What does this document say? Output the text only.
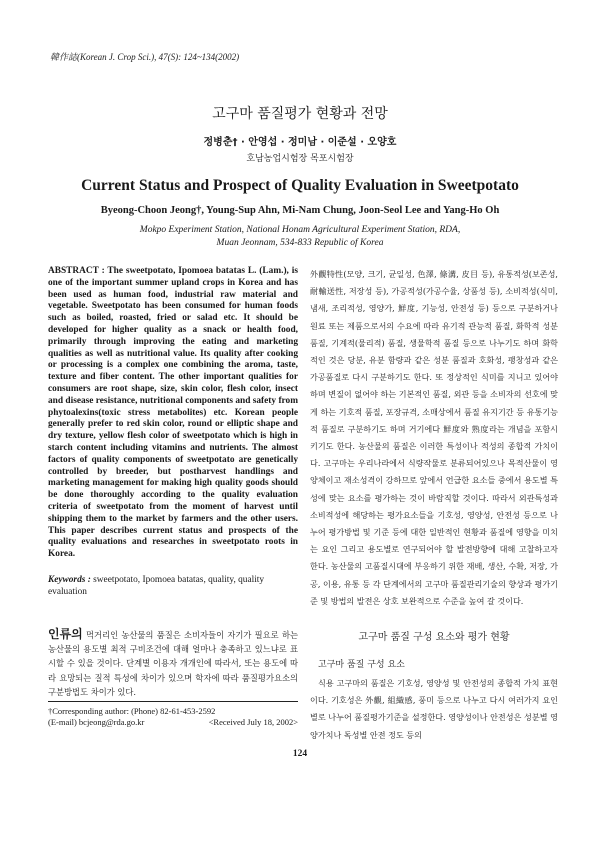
韓作誌(Korean J. Crop Sci.), 47(S): 124~134(2002)
고구마 품질평가 현황과 전망
정병춘† · 안영섭 · 정미남 · 이준설 · 오양호
호남농업시험장 목포시험장
Current Status and Prospect of Quality Evaluation in Sweetpotato
Byeong-Choon Jeong†, Young-Sup Ahn, Mi-Nam Chung, Joon-Seol Lee and Yang-Ho Oh
Mokpo Experiment Station, National Honam Agricultural Experiment Station, RDA,
Muan Jeonnam, 534-833 Republic of Korea

ABSTRACT : The sweetpotato, Ipomoea batatas L. (Lam.), is one of the important summer upland crops in Korea and has been used as human food, industrial raw material and vegetable. Sweetpotato has been consumed for human foods such as boiled, roasted, fried or salad etc. It should be developed for higher quality as a snack or health food, primarily through improving the eating and marketing qualities as well as nutritional value. Its quality after cooking or processing is a complex one combining the aroma, taste, texture and fiber content. The other important qualities for consumers are root shape, size, skin color, flesh color, insect and disease resistance, nutritional components and safety from phytoalexins(toxic stress metabolites) etc. Korean people generally prefer to red skin color, round or elliptic shape and dry texture, yellow flesh color of sweetpotato which is high in starch content including vitamins and nutrients. The almost factors of quality components of sweetpotato are genetically controlled by breeder, but postharvest handlings and marketing management for making high quality goods should be done thoroughly according to the quality evaluation criteria of sweetpotato from the moment of harvest until shipping them to the market by farmers and the other users. This paper describes current status and prospects of the quality evaluations and researches in sweetpotato roots in Korea.

Keywords : sweetpotato, Ipomoea batatas, quality, quality evaluation

인류의 먹거리인 농산물의 품질은 소비자들이 자기가 필요로 하는 농산물의 용도별 최적 구비조건에 대해 얼마나 충족하고 있느냐로 표시할 수 있을 것이다. 단계별 이용자 개개인에 따라서, 또는 용도에 따라 요망되는 질적 특성에 차이가 있으며 학자에 따라 품질평가요소의 구분방법도 차이가 있다.

†Corresponding author: (Phone) 82-61-453-2592
(E-mail) bcjeong@rda.go.kr	<Received July 18, 2002>

外觀特性(모양, 크기, 균일성, 色澤, 條溝, 皮目 등), 유통적성(보존성, 耐輸送性, 저장성 등), 가공적성(가공수율, 상품성 등), 소비적성(식미, 냄새, 조리적성, 영양가, 鮮度, 기능성, 안전성 등) 등으로 구분하거나 원료 또는 제품으로서의 수요에 따라 유기적 관능적 품질, 화학적 성분 품질, 기계적(물리적) 품질, 생물학적 품질 등으로 나누기도 하며 화학적인 것은 당분, 유분 함량과 같은 성분 품질과 호화성, 팽창성과 같은 가공품질로 다시 구분하기도 한다. 또 정상적인 식미를 지니고 있어야 하며 변질이 없어야 하는 기본적인 품질, 외관 등을 소비자의 선호에 맞게 하는 기호적 품질, 포장규격, 소매상에서 품질 유지기간 등 유통기능적 품질로 구분하기도 하며 거기에다 鮮度와 熟度라는 개념을 포함시키기도 한다. 농산물의 품질은 이러한 특성이나 적성의 종합적 가치이다. 고구마는 우리나라에서 식량작물로 분류되어있으나 목적산물이 영양체이고 재소성격이 강하므로 앞에서 언급한 요소들 중에서 용도별 특성에 맞는 요소를 평가하는 것이 바람직할 것이다. 따라서 외관특성과 소비적성에 해당하는 평가요소들을 기호성, 영양성, 안전성 등으로 나누어 평가방법 및 기준 등에 대한 일반적인 현황과 품질에 영향을 미치는 요인 그리고 용도별로 연구되어야 할 발전방향에 대해 고찰하고자 한다. 농산물의 고품질시대에 부응하기 위한 재배, 생산, 수확, 저장, 가공, 이용, 유통 등 각 단계에서의 고구마 품질관리기술의 향상과 평가기준 및 방법의 발전은 상호 보완적으로 수준을 높여 갈 것이다.

고구마 품질 구성 요소와 평가 현황
고구마 품질 구성 요소

식용 고구마의 품질은 기호성, 영양성 및 안전성의 종합적 가치 표현이다. 기호성은 外觀, 組織感, 풍미 등으로 나누고 다시 여러가지 요인별로 나누어 품질평가기준을 설정한다. 영양성이나 안전성은 성분별 영양가치나 독성별 안전 정도 등의

124
